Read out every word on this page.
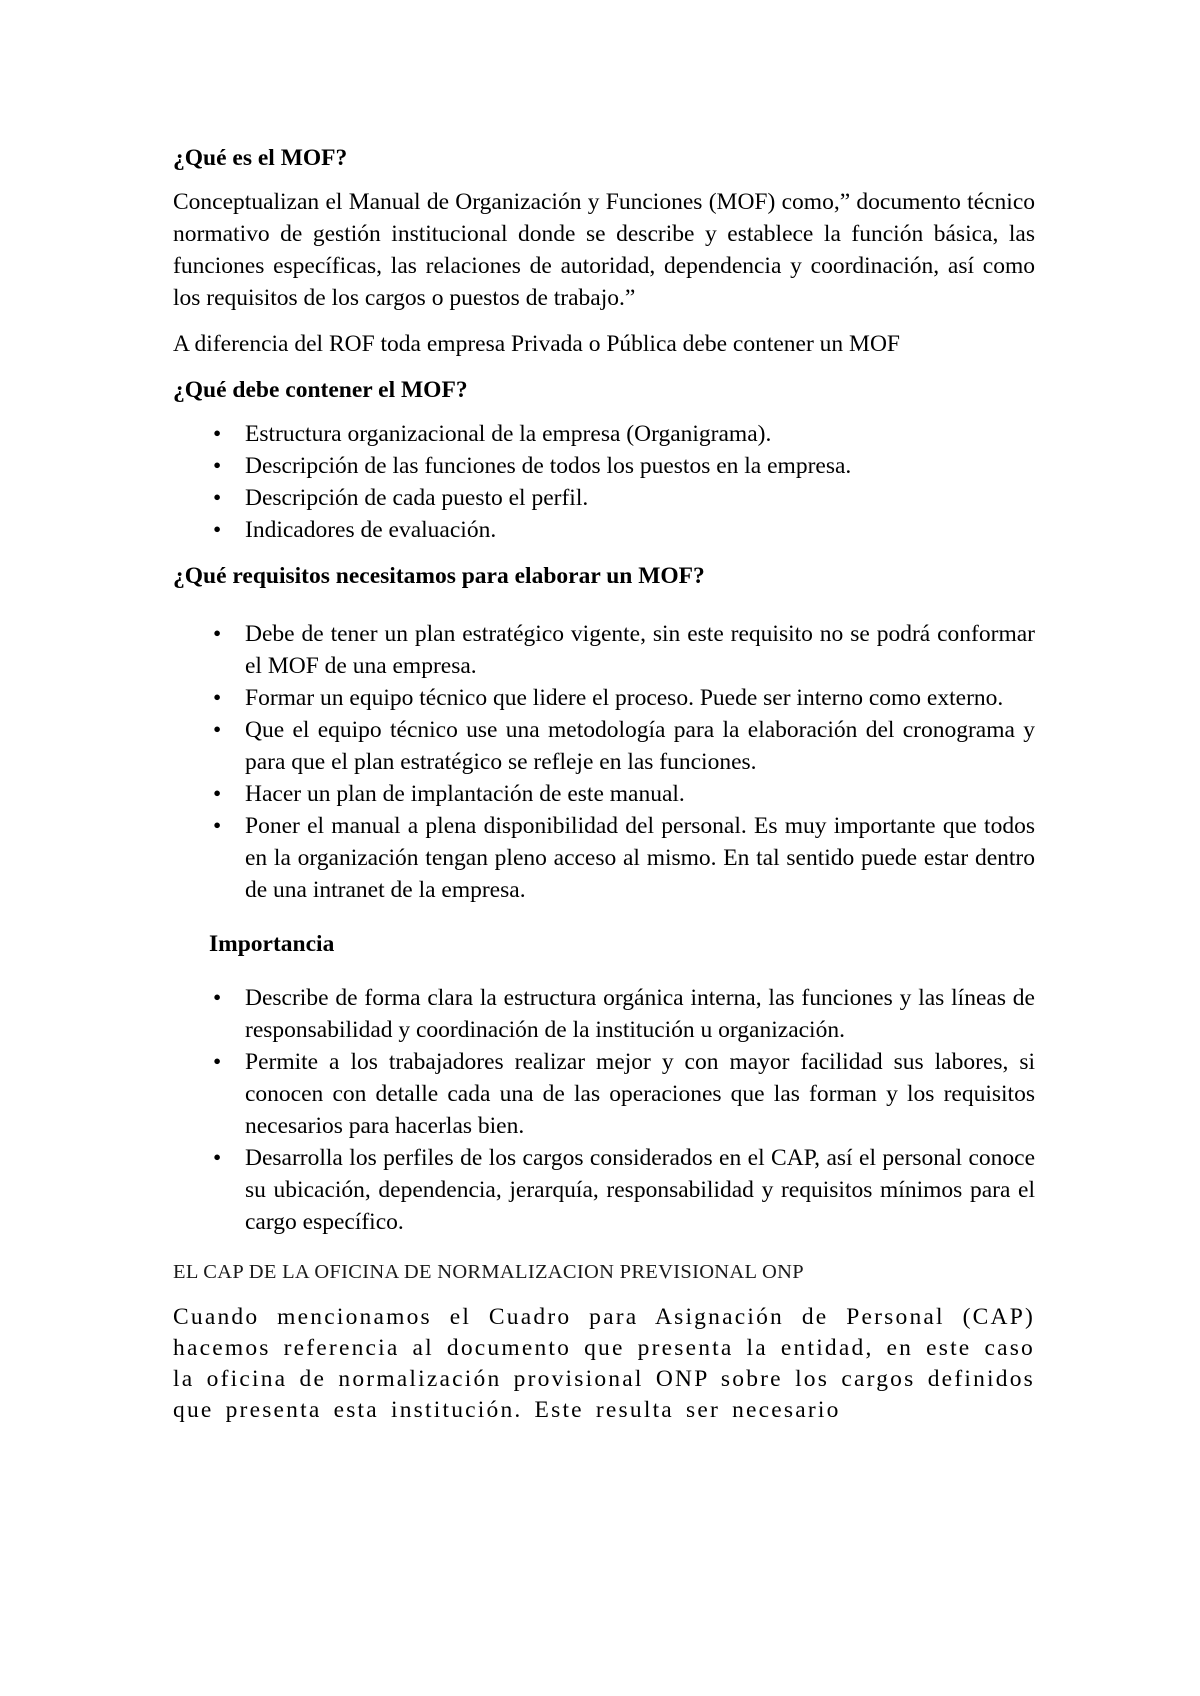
¿Qué es el MOF?

Conceptualizan el Manual de Organización y Funciones (MOF) como,” documento técnico normativo de gestión institucional donde se describe y establece la función básica, las funciones específicas, las relaciones de autoridad, dependencia y coordinación, así como los requisitos de los cargos o puestos de trabajo.”

A diferencia del ROF toda empresa Privada o Pública debe contener un MOF

¿Qué debe contener el MOF?
• Estructura organizacional de la empresa (Organigrama).
• Descripción de las funciones de todos los puestos en la empresa.
• Descripción de cada puesto el perfil.
• Indicadores de evaluación.
¿Qué requisitos necesitamos para elaborar un MOF?
• Debe de tener un plan estratégico vigente, sin este requisito no se podrá conformar el MOF de una empresa.
• Formar un equipo técnico que lidere el proceso. Puede ser interno como externo.
• Que el equipo técnico use una metodología para la elaboración del cronograma y para que el plan estratégico se refleje en las funciones.
• Hacer un plan de implantación de este manual.
• Poner el manual a plena disponibilidad del personal. Es muy importante que todos en la organización tengan pleno acceso al mismo. En tal sentido puede estar dentro de una intranet de la empresa.
Importancia
• Describe de forma clara la estructura orgánica interna, las funciones y las líneas de responsabilidad y coordinación de la institución u organización.
• Permite a los trabajadores realizar mejor y con mayor facilidad sus labores, si conocen con detalle cada una de las operaciones que las forman y los requisitos necesarios para hacerlas bien.
• Desarrolla los perfiles de los cargos considerados en el CAP, así el personal conoce su ubicación, dependencia, jerarquía, responsabilidad y requisitos mínimos para el cargo específico.
EL CAP DE LA OFICINA DE NORMALIZACION PREVISIONAL ONP

Cuando mencionamos el Cuadro para Asignación de Personal (CAP) hacemos referencia al documento que presenta la entidad, en este caso la oficina de normalización provisional ONP sobre los cargos definidos que presenta esta institución. Este resulta ser necesario
